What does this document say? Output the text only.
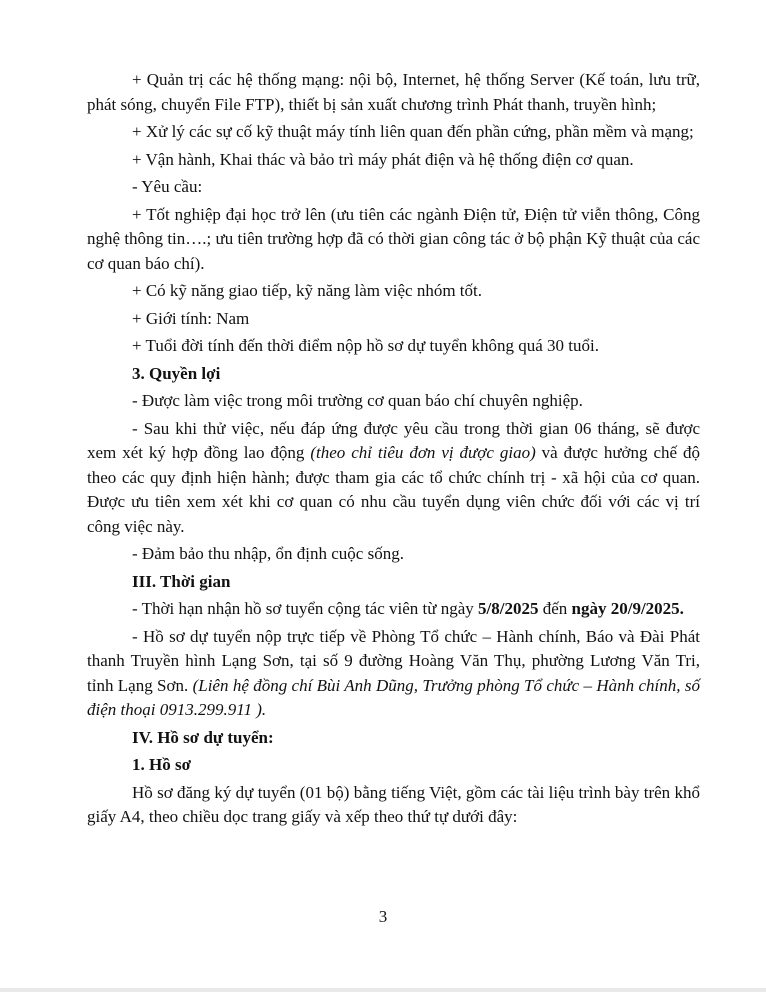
+ Quản trị các hệ thống mạng: nội bộ, Internet, hệ thống Server (Kế toán, lưu trữ, phát sóng, chuyển File FTP), thiết bị sản xuất chương trình Phát thanh, truyền hình;

+ Xử lý các sự cố kỹ thuật máy tính liên quan đến phần cứng, phần mềm và mạng;

+ Vận hành, Khai thác và bảo trì máy phát điện và hệ thống điện cơ quan.

- Yêu cầu:

+ Tốt nghiệp đại học trở lên (ưu tiên các ngành Điện tử, Điện tử viễn thông, Công nghệ thông tin….; ưu tiên trường hợp đã có thời gian công tác ở bộ phận Kỹ thuật của các cơ quan báo chí).

+ Có kỹ năng giao tiếp, kỹ năng làm việc nhóm tốt.

+ Giới tính: Nam

+ Tuổi đời tính đến thời điểm nộp hồ sơ dự tuyển không quá 30 tuổi.

3. Quyền lợi

- Được làm việc trong môi trường cơ quan báo chí chuyên nghiệp.

- Sau khi thử việc, nếu đáp ứng được yêu cầu trong thời gian 06 tháng, sẽ được xem xét ký hợp đồng lao động (theo chỉ tiêu đơn vị được giao) và được hưởng chế độ theo các quy định hiện hành; được tham gia các tổ chức chính trị - xã hội của cơ quan. Được ưu tiên xem xét khi cơ quan có nhu cầu tuyển dụng viên chức đối với các vị trí công việc này.

- Đảm bảo thu nhập, ổn định cuộc sống.

III. Thời gian

- Thời hạn nhận hồ sơ tuyển cộng tác viên từ ngày 5/8/2025 đến ngày 20/9/2025.

- Hồ sơ dự tuyển nộp trực tiếp về Phòng Tổ chức – Hành chính, Báo và Đài Phát thanh Truyền hình Lạng Sơn, tại số 9 đường Hoàng Văn Thụ, phường Lương Văn Tri, tỉnh Lạng Sơn. (Liên hệ đồng chí Bùi Anh Dũng, Trưởng phòng Tổ chức – Hành chính, số điện thoại 0913.299.911 ).

IV. Hồ sơ dự tuyển:

1. Hồ sơ

Hồ sơ đăng ký dự tuyển (01 bộ) bằng tiếng Việt, gồm các tài liệu trình bày trên khổ giấy A4, theo chiều dọc trang giấy và xếp theo thứ tự dưới đây:

3
